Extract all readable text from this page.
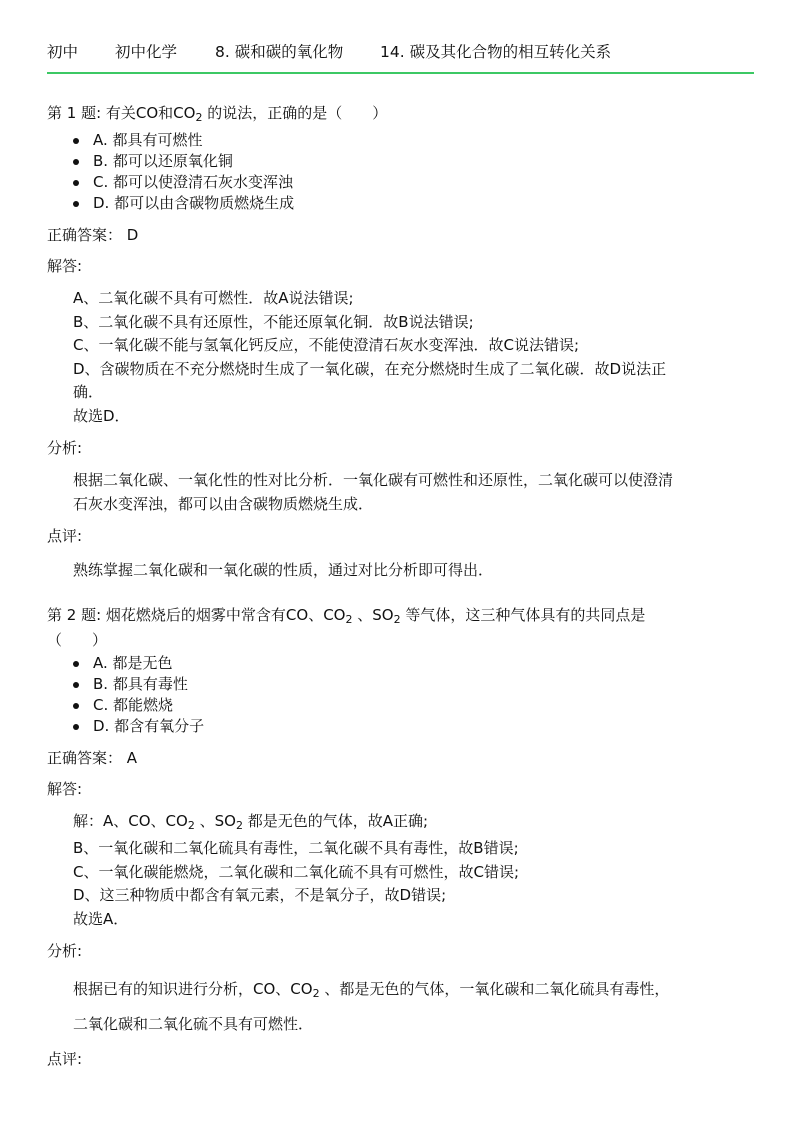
初中 初中化学 8. 碳和碳的氧化物 14. 碳及其化合物的相互转化关系

第 1 题: 有关CO和$CO_2$ 的说法，正确的是（　　）

A. 都具有可燃性
B. 都可以还原氧化铜
C. 都可以使澄清石灰水变浑浊
D. 都可以由含碳物质燃烧生成
正确答案： D
解答:

A、二氧化碳不具有可燃性．故A说法错误;

B、二氧化碳不具有还原性，不能还原氧化铜．故B说法错误;

C、一氧化碳不能与氢氧化钙反应，不能使澄清石灰水变浑浊．故C说法错误;

D、含碳物质在不充分燃烧时生成了一氧化碳，在充分燃烧时生成了二氧化碳．故D说法正

确．

故选D．

分析:

根据二氧化碳、一氧化性的性对比分析．一氧化碳有可燃性和还原性，二氧化碳可以使澄清

石灰水变浑浊，都可以由含碳物质燃烧生成．

点评:

熟练掌握二氧化碳和一氧化碳的性质，通过对比分析即可得出．

第 2 题: 烟花燃烧后的烟雾中常含有CO、$CO_2$ 、$SO_2$ 等气体，这三种气体具有的共同点是

（　　）

A. 都是无色
B. 都具有毒性
C. 都能燃烧
D. 都含有氧分子
正确答案： A
解答:

解：A、CO、$CO_2$ 、$SO_2$ 都是无色的气体，故A正确;

B、一氧化碳和二氧化硫具有毒性，二氧化碳不具有毒性，故B错误;

C、一氧化碳能燃烧，二氧化碳和二氧化硫不具有可燃性，故C错误;

D、这三种物质中都含有氧元素，不是氧分子，故D错误;

故选A．

分析:

根据已有的知识进行分析，CO、$CO_2$ 、都是无色的气体，一氧化碳和二氧化硫具有毒性，

二氧化碳和二氧化硫不具有可燃性．

点评:
